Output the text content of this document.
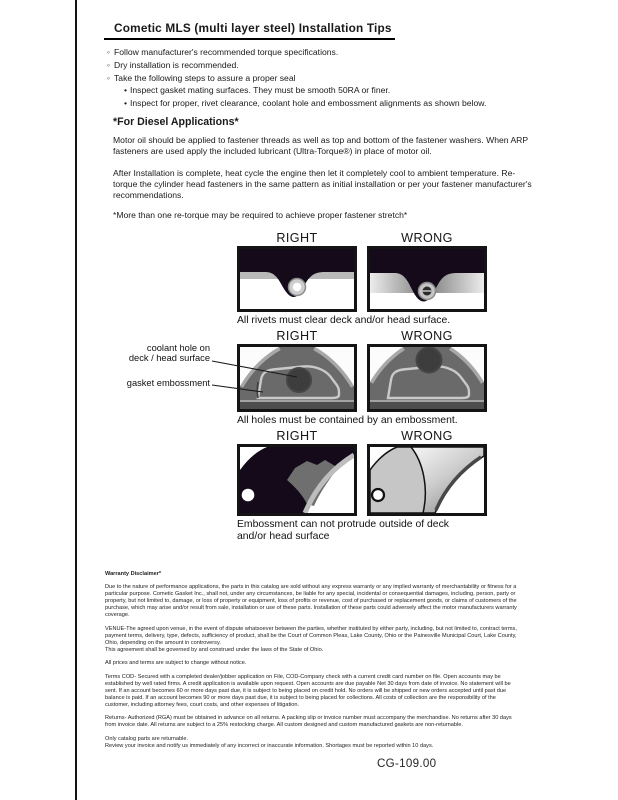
Cometic MLS (multi layer steel) Installation Tips
◦ Follow manufacturer's recommended torque specifications.
◦ Dry installation is recommended.
◦ Take the following steps to assure a proper seal
• Inspect gasket mating surfaces. They must be smooth 50RA or finer.
• Inspect for proper, rivet clearance, coolant hole and embossment alignments as shown below.
*For Diesel Applications*
Motor oil should be applied to fastener threads as well as top and bottom of the fastener washers. When ARP fasteners are used apply the included lubricant (Ultra-Torque®) in place of motor oil.
After Installation is complete, heat cycle the engine then let it completely cool to ambient temperature. Re-torque the cylinder head fasteners in the same pattern as initial installation or per your fastener manufacturer's recommendations.
*More than one re-torque may be required to achieve proper fastener stretch*
RIGHT	WRONG
All rivets must clear deck and/or head surface.
RIGHT	WRONG
All holes must be contained by an embossment.
coolant hole on
deck / head surface
gasket embossment
RIGHT	WRONG
Embossment can not protrude outside of deck
and/or head surface
Warranty Disclaimer*
Due to the nature of performance applications, the parts in this catalog are sold without any express warranty or any implied warranty of merchantability or fitness for a particular purpose. Cometic Gasket Inc., shall not, under any circumstances, be liable for any special, incidental or consequential damages, including, person, party or property, but not limited to, damage, or loss of property or equipment, loss of profits or revenue, cost of purchased or replacement goods, or claims of customers of the purchase, which may arise and/or result from sale, installation or use of these parts. Installation of these parts could adversely affect the motor manufacturers warranty coverage.
VENUE-The agreed upon venue, in the event of dispute whatsoever between the parties, whether instituted by either party, including, but not limited to, contract terms, payment terms, delivery, type, defects, sufficiency of product, shall be the Court of Common Pleas, Lake County, Ohio or the Painesville Municipal Court, Lake County, Ohio, depending on the amount in controversy.
This agreement shall be governed by and construed under the laws of the State of Ohio.
All prices and terms are subject to change without notice.
Terms COD- Secured with a completed dealer/jobber application on File, COD-Company check with a current credit card number on file. Open accounts may be established by well rated firms. A credit application is available upon request. Open accounts are due payable Net 30 days from date of invoice. No statement will be sent. If an account becomes 60 or more days past due, it is subject to being placed on credit hold. No orders will be shipped or new orders accepted until past due balance is paid. If an account becomes 90 or more days past due, it is subject to being placed for collections. All costs of collection are the responsibility of the customer, including attorney fees, court costs, and other expenses of litigation.
Returns- Authorized (RGA) must be obtained in advance on all returns. A packing slip or invoice number must accompany the merchandise. No returns after 30 days from invoice date. All returns are subject to a 25% restocking charge. All custom designed and custom manufactured gaskets are non-returnable.
Only catalog parts are returnable.
Review your invoice and notify us immediately of any incorrect or inaccurate information. Shortages must be reported within 10 days.
CG-109.00
